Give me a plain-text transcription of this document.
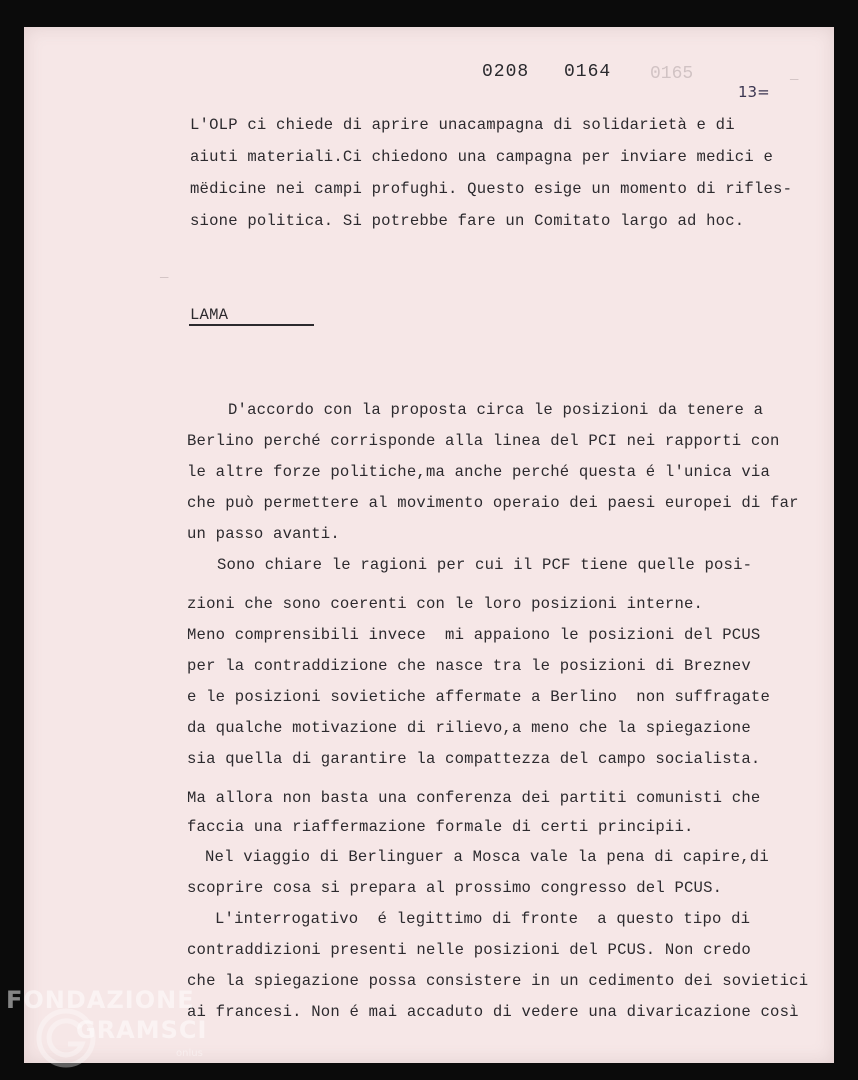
0165	—
—
0208 0164
13=
L'OLP ci chiede di aprire unacampagna di solidarietà e di
aiuti materiali.Ci chiedono una campagna per inviare medici e
mëdicine nei campi profughi. Questo esige un momento di rifles-
sione politica. Si potrebbe fare un Comitato largo ad hoc.
LAMA
D'accordo con la proposta circa le posizioni da tenere a
Berlino perché corrisponde alla linea del PCI nei rapporti con
le altre forze politiche,ma anche perché questa é l'unica via
che può permettere al movimento operaio dei paesi europei di far
un passo avanti.
Sono chiare le ragioni per cui il PCF tiene quelle posi-
zioni che sono coerenti con le loro posizioni interne.
Meno comprensibili invece  mi appaiono le posizioni del PCUS
per la contraddizione che nasce tra le posizioni di Breznev
e le posizioni sovietiche affermate a Berlino  non suffragate
da qualche motivazione di rilievo,a meno che la spiegazione
sia quella di garantire la compattezza del campo socialista.
Ma allora non basta una conferenza dei partiti comunisti che
faccia una riaffermazione formale di certi principii.
Nel viaggio di Berlinguer a Mosca vale la pena di capire,di
scoprire cosa si prepara al prossimo congresso del PCUS.
L'interrogativo  é legittimo di fronte  a questo tipo di
contraddizioni presenti nelle posizioni del PCUS. Non credo
che la spiegazione possa consistere in un cedimento dei sovietici
ai francesi. Non é mai accaduto di vedere una divaricazione così
FONDAZIONE
GRAMSCI
onlus
